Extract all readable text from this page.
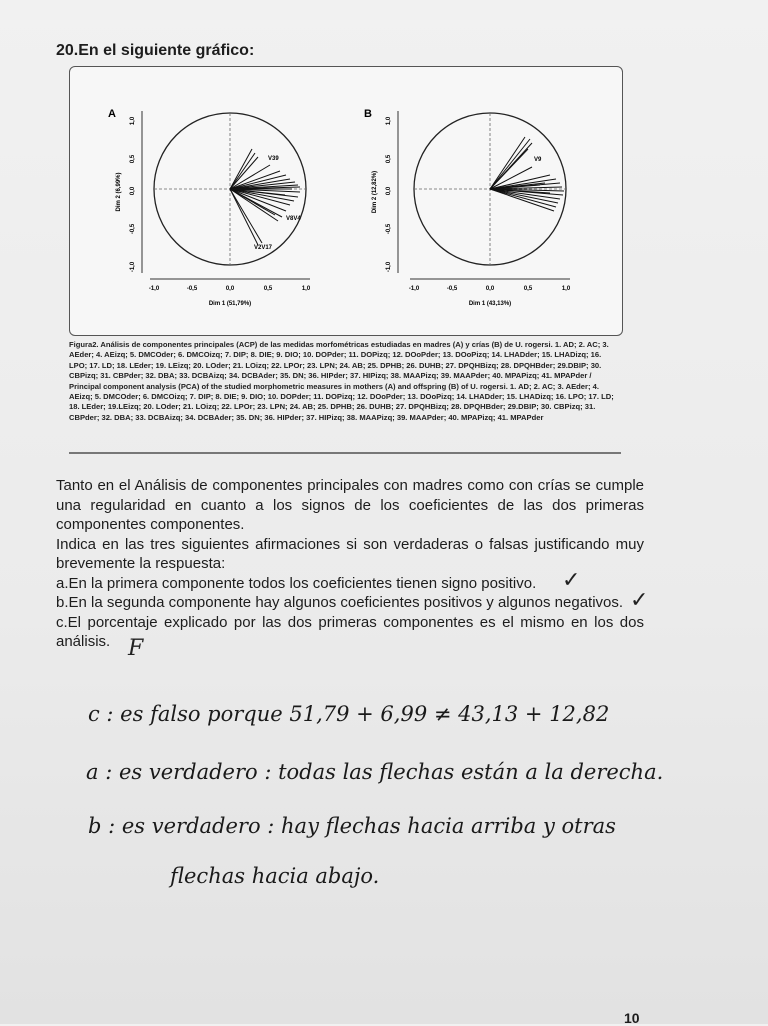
20.En el siguiente gráfico:
A
Dim 2 (6,99%)
1,0
0,5
0,0
-0,5
-1,0
-1,0	-0,5	0,0	0,5	1,0
Dim 1 (51,79%)
V39
V2V17
V8V4
B
Dim 2 (12,82%)
1,0
0,5
0,0
-0,5
-1,0
-1,0	-0,5	0,0	0,5	1,0
Dim 1 (43,13%)
V9
Figura2. Análisis de componentes principales (ACP) de las medidas morfométricas estudiadas en madres (A) y crías (B) de U. rogersi. 1. AD; 2. AC; 3. AEder; 4. AEizq; 5. DMCOder; 6. DMCOizq; 7. DIP; 8. DIE; 9. DIO; 10. DOPder; 11. DOPizq; 12. DOoPder; 13. DOoPizq; 14. LHADder; 15. LHADizq; 16. LPO; 17. LD; 18. LEder; 19. LEizq; 20. LOder; 21. LOizq; 22. LPOr; 23. LPN; 24. AB; 25. DPHB; 26. DUHB; 27. DPQHBizq; 28. DPQHBder; 29.DBIP; 30. CBPizq; 31. CBPder; 32. DBA; 33. DCBAizq; 34. DCBAder; 35. DN; 36. HIPder; 37. HIPizq; 38. MAAPizq; 39. MAAPder; 40. MPAPizq; 41. MPAPder / Principal component analysis (PCA) of the studied morphometric measures in mothers (A) and offspring (B) of U. rogersi. 1. AD; 2. AC; 3. AEder; 4. AEizq; 5. DMCOder; 6. DMCOizq; 7. DIP; 8. DIE; 9. DIO; 10. DOPder; 11. DOPizq; 12. DOoPder; 13. DOoPizq; 14. LHADder; 15. LHADizq; 16. LPO; 17. LD; 18. LEder; 19.LEizq; 20. LOder; 21. LOizq; 22. LPOr; 23. LPN; 24. AB; 25. DPHB; 26. DUHB; 27. DPQHBizq; 28. DPQHBder; 29.DBIP; 30. CBPizq; 31. CBPder; 32. DBA; 33. DCBAizq; 34. DCBAder; 35. DN; 36. HIPder; 37. HIPizq; 38. MAAPizq; 39. MAAPder; 40. MPAPizq; 41. MPAPder

Tanto en el Análisis de componentes principales con madres como con crías se cumple una regularidad en cuanto a los signos de los coeficientes de las dos primeras componentes componentes.

Indica en las tres siguientes afirmaciones si son verdaderas o falsas justificando muy brevemente la respuesta:

a.En la primera componente todos los coeficientes tienen signo positivo.

b.En la segunda componente hay algunos coeficientes positivos y algunos negativos.

c.El porcentaje explicado por las dos primeras componentes es el mismo en los dos análisis.

✓
✓
F
c : es falso porque 51,79 + 6,99 ≠ 43,13 + 12,82
a : es verdadero : todas las flechas están a la derecha.
b : es verdadero : hay flechas hacia arriba y otras
flechas hacia abajo.
10
